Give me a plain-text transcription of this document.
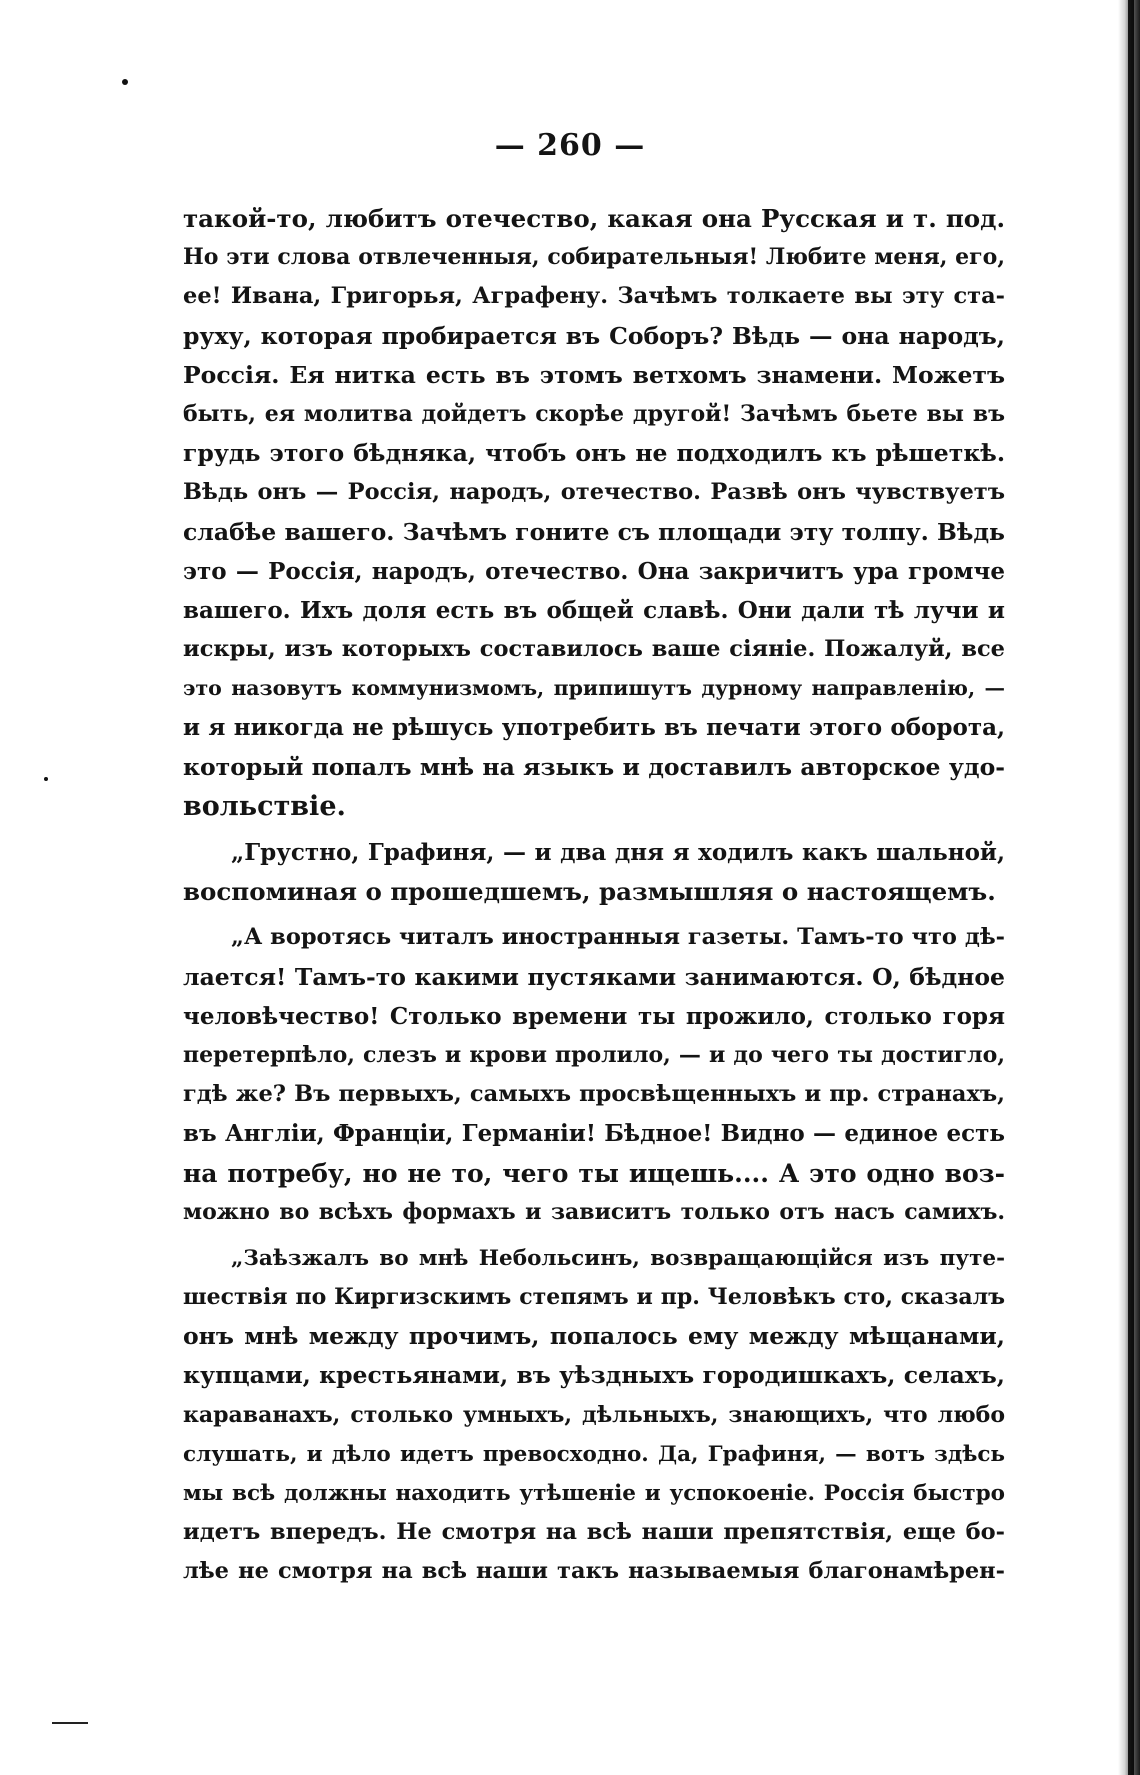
— 260 —
такой-то, любитъ отечество, какая она Русская и т. под.
Но эти слова отвлеченныя, собирательныя! Любите меня, его,
ее! Ивана, Григорья, Аграфену. Зачѣмъ толкаете вы эту ста-
руху, которая пробирается въ Соборъ? Вѣдь — она народъ,
Россія. Ея нитка есть въ этомъ ветхомъ знамени. Можетъ
быть, ея молитва дойдетъ скорѣе другой! Зачѣмъ бьете вы въ
грудь этого бѣдняка, чтобъ онъ не подходилъ къ рѣшеткѣ.
Вѣдь онъ — Россія, народъ, отечество. Развѣ онъ чувствуетъ
слабѣе вашего. Зачѣмъ гоните съ площади эту толпу. Вѣдь
это — Россія, народъ, отечество. Она закричитъ ура громче
вашего. Ихъ доля есть въ общей славѣ. Они дали тѣ лучи и
искры, изъ которыхъ составилось ваше сіяніе. Пожалуй, все
это назовутъ коммунизмомъ, припишутъ дурному направленію, —
и я никогда не рѣшусь употребить въ печати этого оборота,
который попалъ мнѣ на языкъ и доставилъ авторское удо-
вольствіе.
„Грустно, Графиня, — и два дня я ходилъ какъ шальной,
воспоминая о прошедшемъ, размышляя о настоящемъ.
„А воротясь читалъ иностранныя газеты. Тамъ-то что дѣ-
лается! Тамъ-то какими пустяками занимаются. О, бѣдное
человѣчество! Столько времени ты прожило, столько горя
перетерпѣло, слезъ и крови пролило, — и до чего ты достигло,
гдѣ же? Въ первыхъ, самыхъ просвѣщенныхъ и пр. странахъ,
въ Англіи, Франціи, Германіи! Бѣдное! Видно — единое есть
на потребу, но не то, чего ты ищешь.... А это одно воз-
можно во всѣхъ формахъ и зависитъ только отъ насъ самихъ.
„Заѣзжалъ во мнѣ Небольсинъ, возвращающійся изъ путе-
шествія по Киргизскимъ степямъ и пр. Человѣкъ сто, сказалъ
онъ мнѣ между прочимъ, попалось ему между мѣщанами,
купцами, крестьянами, въ уѣздныхъ городишкахъ, селахъ,
караванахъ, столько умныхъ, дѣльныхъ, знающихъ, что любо
слушать, и дѣло идетъ превосходно. Да, Графиня, — вотъ здѣсь
мы всѣ должны находить утѣшеніе и успокоеніе. Россія быстро
идетъ впередъ. Не смотря на всѣ наши препятствія, еще бо-
лѣе не смотря на всѣ наши такъ называемыя благонамѣрен-
